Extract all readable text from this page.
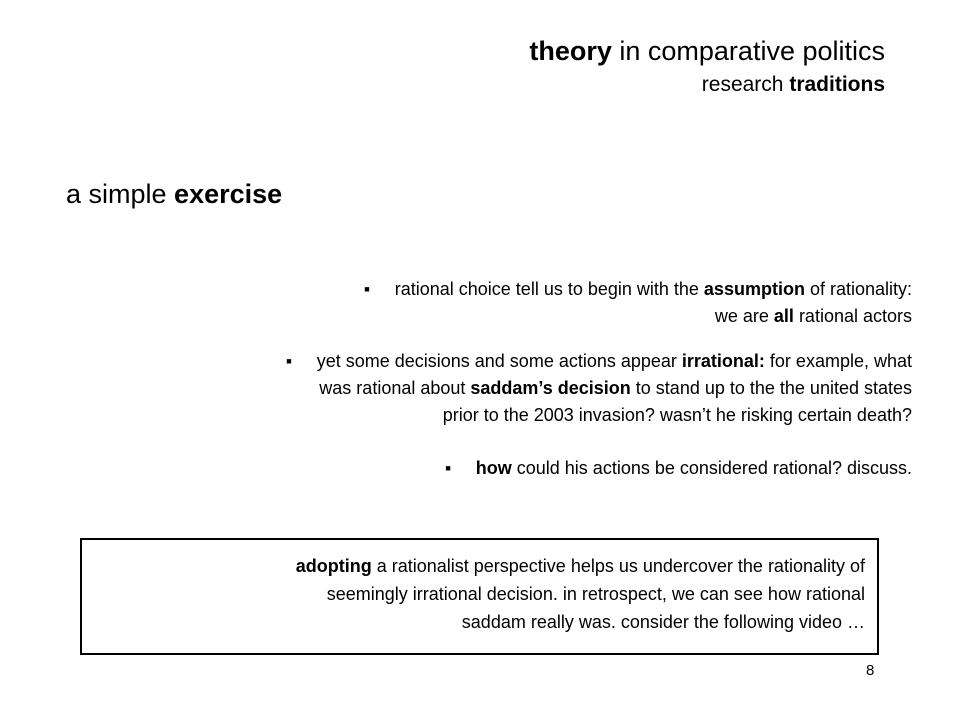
theory in comparative politics
research traditions
a simple exercise
■ rational choice tell us to begin with the assumption of rationality:
we are all rational actors
■ yet some decisions and some actions appear irrational: for example, what
was rational about saddam’s decision to stand up to the the united states
prior to the 2003 invasion? wasn’t he risking certain death?
■ how could his actions be considered rational? discuss.
adopting a rationalist perspective helps us undercover the rationality of
seemingly irrational decision. in retrospect, we can see how rational
saddam really was. consider the following video …
8
